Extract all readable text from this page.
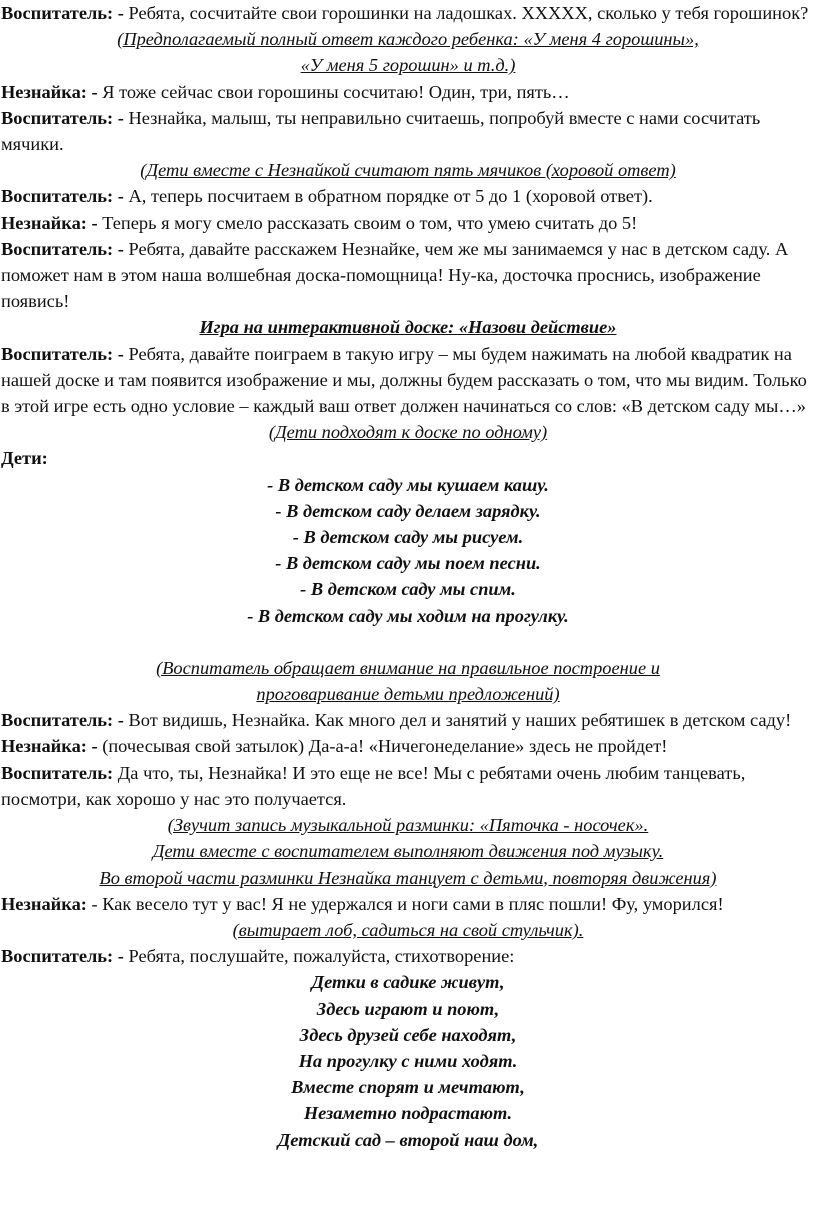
Воспитатель: - Ребята, сосчитайте свои горошинки на ладошках. ХХХХХ, сколько у тебя горошинок?

(Предполагаемый полный ответ каждого ребенка: «У меня 4 горошины»,

«У меня 5 горошин» и т.д.)

Незнайка: - Я тоже сейчас свои горошины сосчитаю! Один, три, пять…

Воспитатель: - Незнайка, малыш, ты неправильно считаешь, попробуй вместе с нами сосчитать мячики.

(Дети вместе с Незнайкой считают пять мячиков (хоровой ответ)

Воспитатель: - А, теперь посчитаем в обратном порядке от 5 до 1 (хоровой ответ).

Незнайка: - Теперь я могу смело рассказать своим о том, что умею считать до 5!

Воспитатель: - Ребята, давайте расскажем Незнайке, чем же мы занимаемся у нас в детском саду. А поможет нам в этом наша волшебная доска-помощница! Ну-ка, досточка проснись, изображение появись!

Игра на интерактивной доске: «Назови действие»

Воспитатель: - Ребята, давайте поиграем в такую игру – мы будем нажимать на любой квадратик на нашей доске и там появится изображение и мы, должны будем рассказать о том, что мы видим. Только в этой игре есть одно условие – каждый ваш ответ должен начинаться со слов: «В детском саду мы…»

(Дети подходят к доске по одному)

Дети:

- В детском саду мы кушаем кашу.

- В детском саду делаем зарядку.

- В детском саду мы рисуем.

- В детском саду мы поем песни.

- В детском саду мы спим.

- В детском саду мы ходим на прогулку.

(Воспитатель обращает внимание на правильное построение и

проговаривание детьми предложений)

Воспитатель: - Вот видишь, Незнайка. Как много дел и занятий у наших ребятишек в детском саду!

Незнайка: - (почесывая свой затылок) Да-а-а! «Ничегонеделание» здесь не пройдет!

Воспитатель: Да что, ты, Незнайка! И это еще не все! Мы с ребятами очень любим танцевать, посмотри, как хорошо у нас это получается.

(Звучит запись музыкальной разминки: «Пяточка - носочек».

Дети вместе с воспитателем выполняют движения под музыку.

Во второй части разминки Незнайка танцует с детьми, повторяя движения)

Незнайка: - Как весело тут у вас! Я не удержался и ноги сами в пляс пошли! Фу, уморился!

(вытирает лоб, садиться на свой стульчик).

Воспитатель: - Ребята, послушайте, пожалуйста, стихотворение:

Детки в садике живут,

Здесь играют и поют,

Здесь друзей себе находят,

На прогулку с ними ходят.

Вместе спорят и мечтают,

Незаметно подрастают.

Детский сад – второй наш дом,
